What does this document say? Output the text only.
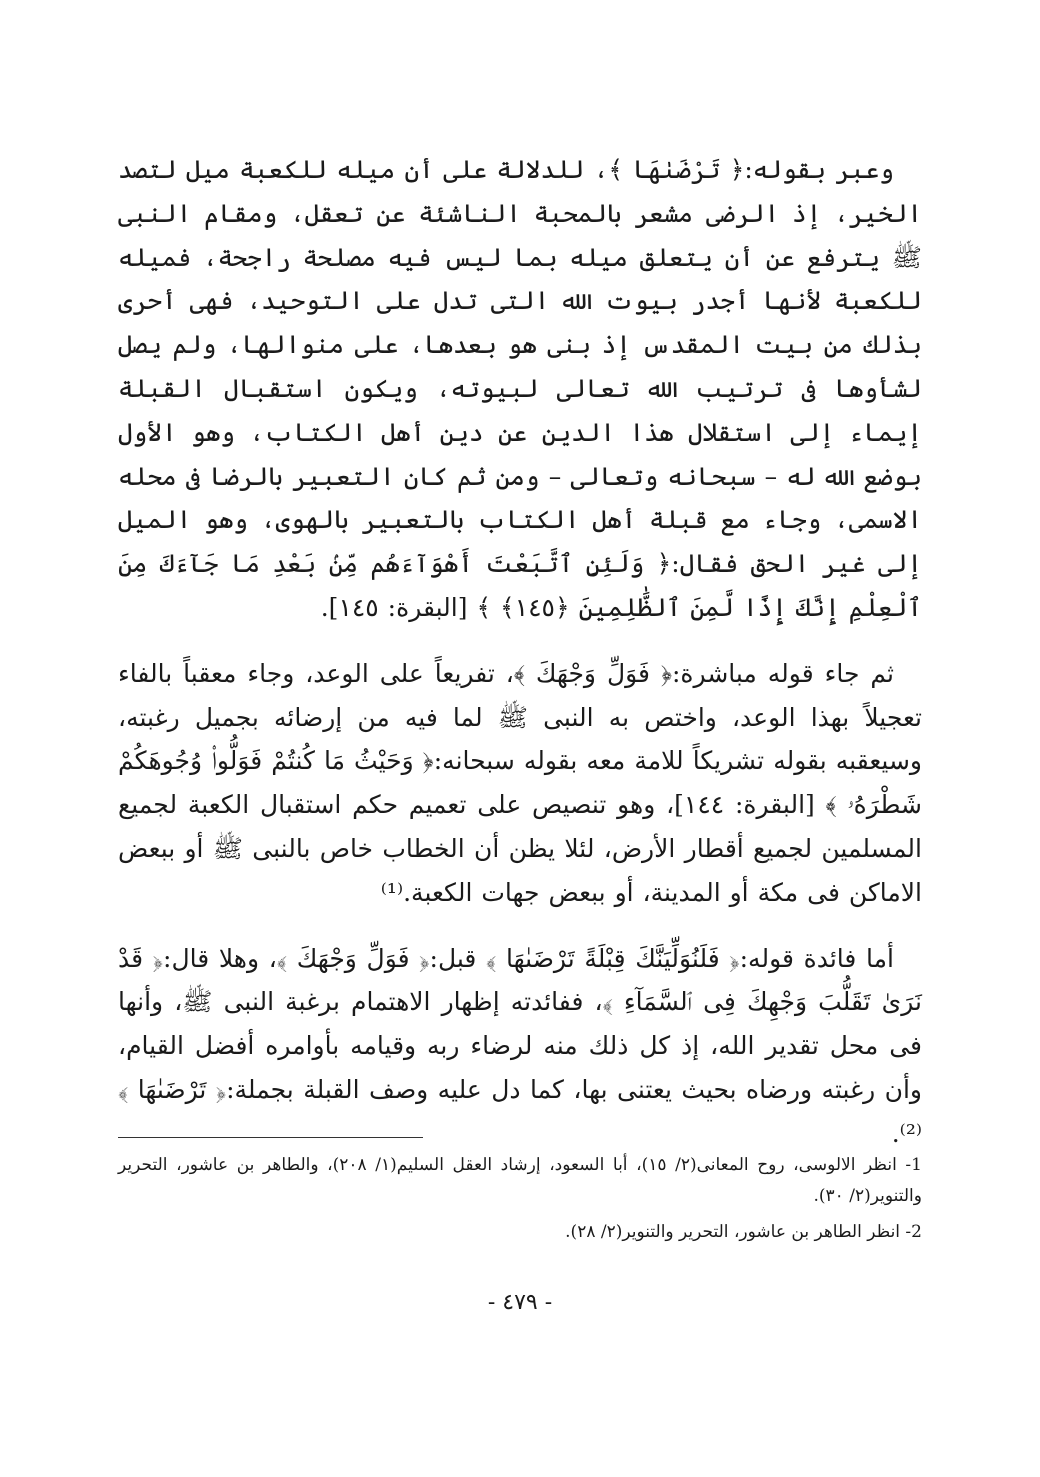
وعبر بقوله:﴿ تَرْضَىٰهَا ﴾، للدلالة على أن ميله للكعبة ميل لتصد الخير، إذ الرضى مشعر بالمحبة الناشئة عن تعقل، ومقام النبى ﷺ يترفع عن أن يتعلق ميله بما ليس فيه مصلحة راجحة، فميله للكعبة لأنها أجدر بيوت الله التى تدل على التوحيد، فهى أحرى بذلك من بيت المقدس إذ بنى هو بعدها، على منوالها، ولم يصل لشأوها فى ترتيب الله تعالى لبيوته، ويكون استقبال القبلة إيماء إلى استقلال هذا الدين عن دين أهل الكتاب، وهو الأول بوضع الله له – سبحانه وتعالى – ومن ثم كان التعبير بالرضا فى محله الاسمى، وجاء مع قبلة أهل الكتاب بالتعبير بالهوى، وهو الميل إلى غير الحق فقال:﴿ وَلَئِنِ ٱتَّبَعْتَ أَهْوَآءَهُم مِّنۢ بَعْدِ مَا جَآءَكَ مِنَ ٱلْعِلْمِ إِنَّكَ إِذًا لَّمِنَ ٱلظَّٰلِمِينَ ﴿١٤٥﴾ ﴾ [البقرة: ١٤٥].

ثم جاء قوله مباشرة:﴿ فَوَلِّ وَجْهَكَ ﴾، تفريعاً على الوعد، وجاء معقباً بالفاء تعجيلاً بهذا الوعد، واختص به النبى ﷺ لما فيه من إرضائه بجميل رغبته، وسيعقبه بقوله تشريكاً للامة معه بقوله سبحانه:﴿ وَحَيْثُ مَا كُنتُمْ فَوَلُّوا۟ وُجُوهَكُمْ شَطْرَهُۥ ﴾ [البقرة: ١٤٤]، وهو تنصيص على تعميم حكم استقبال الكعبة لجميع المسلمين لجميع أقطار الأرض، لئلا يظن أن الخطاب خاص بالنبى ﷺ أو ببعض الاماكن فى مكة أو المدينة، أو ببعض جهات الكعبة.⁽¹⁾

أما فائدة قوله:﴿ فَلَنُوَلِّيَنَّكَ قِبْلَةً تَرْضَىٰهَا ﴾ قبل:﴿ فَوَلِّ وَجْهَكَ ﴾، وهلا قال:﴿ قَدْ نَرَىٰ تَقَلُّبَ وَجْهِكَ فِى ٱلسَّمَآءِ ﴾، ففائدته إظهار الاهتمام برغبة النبى ﷺ، وأنها فى محل تقدير الله، إذ كل ذلك منه لرضاء ربه وقيامه بأوامره أفضل القيام، وأن رغبته ورضاه بحيث يعتنى بها، كما دل عليه وصف القبلة بجملة:﴿ تَرْضَىٰهَا ﴾ ⁽²⁾.

1- انظر الالوسى، روح المعانى(٢/ ١٥)، أبا السعود، إرشاد العقل السليم(١/ ٢٠٨)، والطاهر بن عاشور، التحرير والتنوير(٢/ ٣٠).

2- انظر الطاهر بن عاشور، التحرير والتنوير(٢/ ٢٨).

- ٤٧٩ -
